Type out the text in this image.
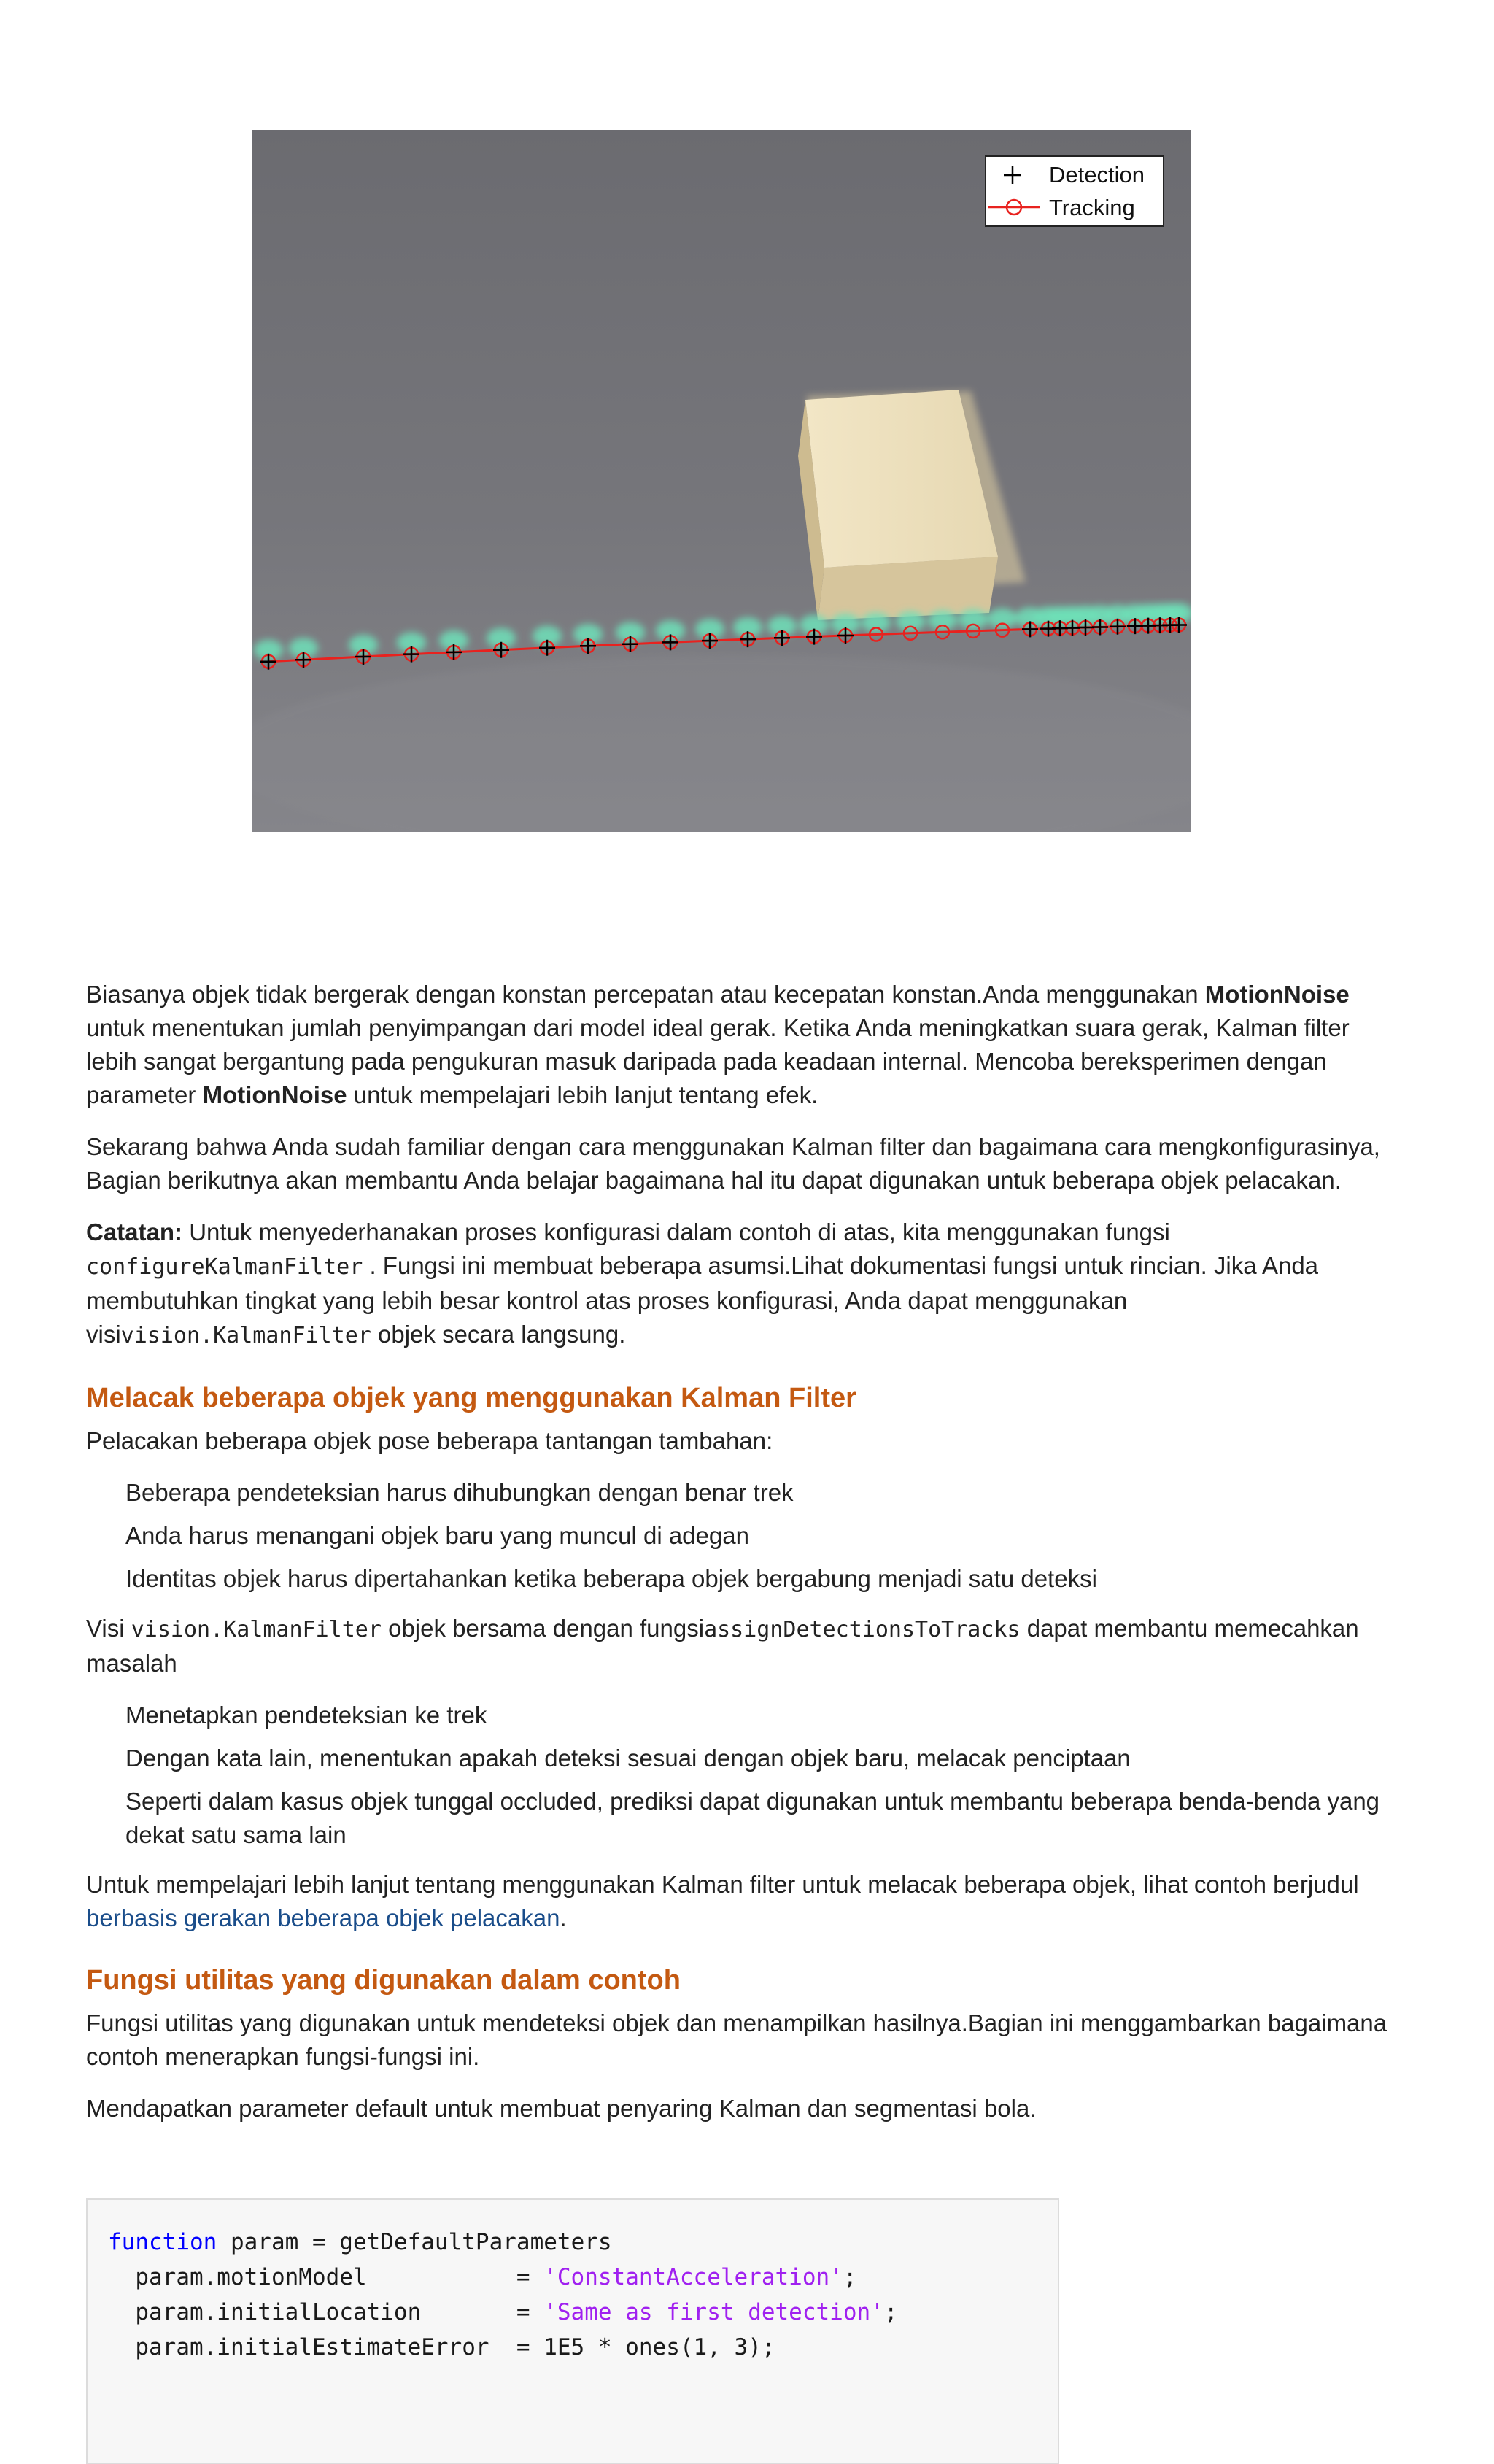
Detection
Tracking

Biasanya objek tidak bergerak dengan konstan percepatan atau kecepatan konstan.Anda menggunakan MotionNoise untuk menentukan jumlah penyimpangan dari model ideal gerak. Ketika Anda meningkatkan suara gerak, Kalman filter lebih sangat bergantung pada pengukuran masuk daripada pada keadaan internal. Mencoba bereksperimen dengan parameter MotionNoise untuk mempelajari lebih lanjut tentang efek.

Sekarang bahwa Anda sudah familiar dengan cara menggunakan Kalman filter dan bagaimana cara mengkonfigurasinya, Bagian berikutnya akan membantu Anda belajar bagaimana hal itu dapat digunakan untuk beberapa objek pelacakan.

Catatan: Untuk menyederhanakan proses konfigurasi dalam contoh di atas, kita menggunakan fungsi configureKalmanFilter . Fungsi ini membuat beberapa asumsi.Lihat dokumentasi fungsi untuk rincian. Jika Anda membutuhkan tingkat yang lebih besar kontrol atas proses konfigurasi, Anda dapat menggunakan visivision.KalmanFilter objek secara langsung.

Melacak beberapa objek yang menggunakan Kalman Filter

Pelacakan beberapa objek pose beberapa tantangan tambahan:

Beberapa pendeteksian harus dihubungkan dengan benar trek
Anda harus menangani objek baru yang muncul di adegan
Identitas objek harus dipertahankan ketika beberapa objek bergabung menjadi satu deteksi

Visi vision.KalmanFilter objek bersama dengan fungsiassignDetectionsToTracks dapat membantu memecahkan masalah

Menetapkan pendeteksian ke trek
Dengan kata lain, menentukan apakah deteksi sesuai dengan objek baru, melacak penciptaan
Seperti dalam kasus objek tunggal occluded, prediksi dapat digunakan untuk membantu beberapa benda-benda yang dekat satu sama lain

Untuk mempelajari lebih lanjut tentang menggunakan Kalman filter untuk melacak beberapa objek, lihat contoh berjudul berbasis gerakan beberapa objek pelacakan.

Fungsi utilitas yang digunakan dalam contoh

Fungsi utilitas yang digunakan untuk mendeteksi objek dan menampilkan hasilnya.Bagian ini menggambarkan bagaimana contoh menerapkan fungsi-fungsi ini.

Mendapatkan parameter default untuk membuat penyaring Kalman dan segmentasi bola.

function param = getDefaultParameters
param.motionModel           = 'ConstantAcceleration';
param.initialLocation       = 'Same as first detection';
param.initialEstimateError  = 1E5 * ones(1, 3);
